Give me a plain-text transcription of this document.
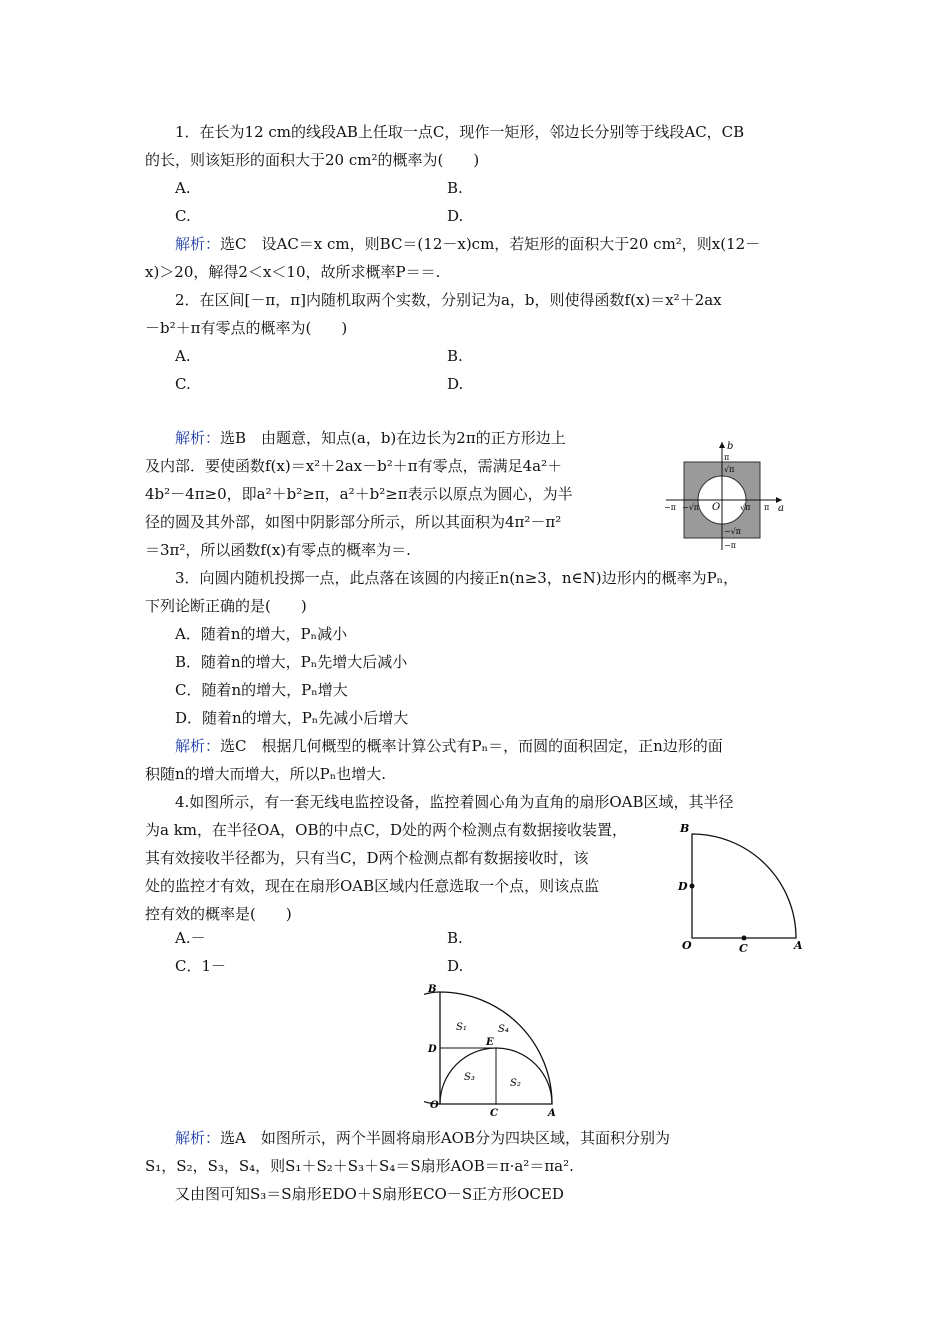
1．在长为12 cm的线段AB上任取一点C，现作一矩形，邻边长分别等于线段AC，CB
的长，则该矩形的面积大于20 cm²的概率为(　　)
A.	B.
C.	D.
解析：选C　设AC＝x cm，则BC＝(12－x)cm，若矩形的面积大于20 cm²，则x(12－
x)＞20，解得2＜x＜10，故所求概率P＝＝.
2．在区间[－π，π]内随机取两个实数，分别记为a，b，则使得函数f(x)＝x²＋2ax
－b²＋π有零点的概率为(　　)
A.	B.
C.	D.
解析：选B　由题意，知点(a，b)在边长为2π的正方形边上
及内部．要使函数f(x)＝x²＋2ax－b²＋π有零点，需满足4a²＋
4b²－4π≥0，即a²＋b²≥π，a²＋b²≥π表示以原点为圆心，为半
径的圆及其外部，如图中阴影部分所示，所以其面积为4π²－π²
＝3π²，所以函数f(x)有零点的概率为＝.
b
a
O
π
√π
−√π
−π
−π −√π	√π π
3．向圆内随机投掷一点，此点落在该圆的内接正n(n≥3，n∈N)边形内的概率为Pₙ，
下列论断正确的是(　　)
A．随着n的增大，Pₙ减小
B．随着n的增大，Pₙ先增大后减小
C．随着n的增大，Pₙ增大
D．随着n的增大，Pₙ先减小后增大
解析：选C　根据几何概型的概率计算公式有Pₙ＝，而圆的面积固定，正n边形的面
积随n的增大而增大，所以Pₙ也增大.
4.如图所示，有一套无线电监控设备，监控着圆心角为直角的扇形OAB区域，其半径
为a km，在半径OA，OB的中点C，D处的两个检测点有数据接收装置，
其有效接收半径都为，只有当C，D两个检测点都有数据接收时，该
处的监控才有效，现在在扇形OAB区域内任意选取一个点，则该点监
控有效的概率是(　　)
A.－	B.
C．1－	D.
B
D
O	C	A
B
D
O
C	A
E
S₁
S₂
S₃
S₄
解析：选A　如图所示，两个半圆将扇形AOB分为四块区域，其面积分别为
S₁，S₂，S₃，S₄，则S₁＋S₂＋S₃＋S₄＝S扇形AOB＝π·a²＝πa².
又由图可知S₃＝S扇形EDO＋S扇形ECO－S正方形OCED
